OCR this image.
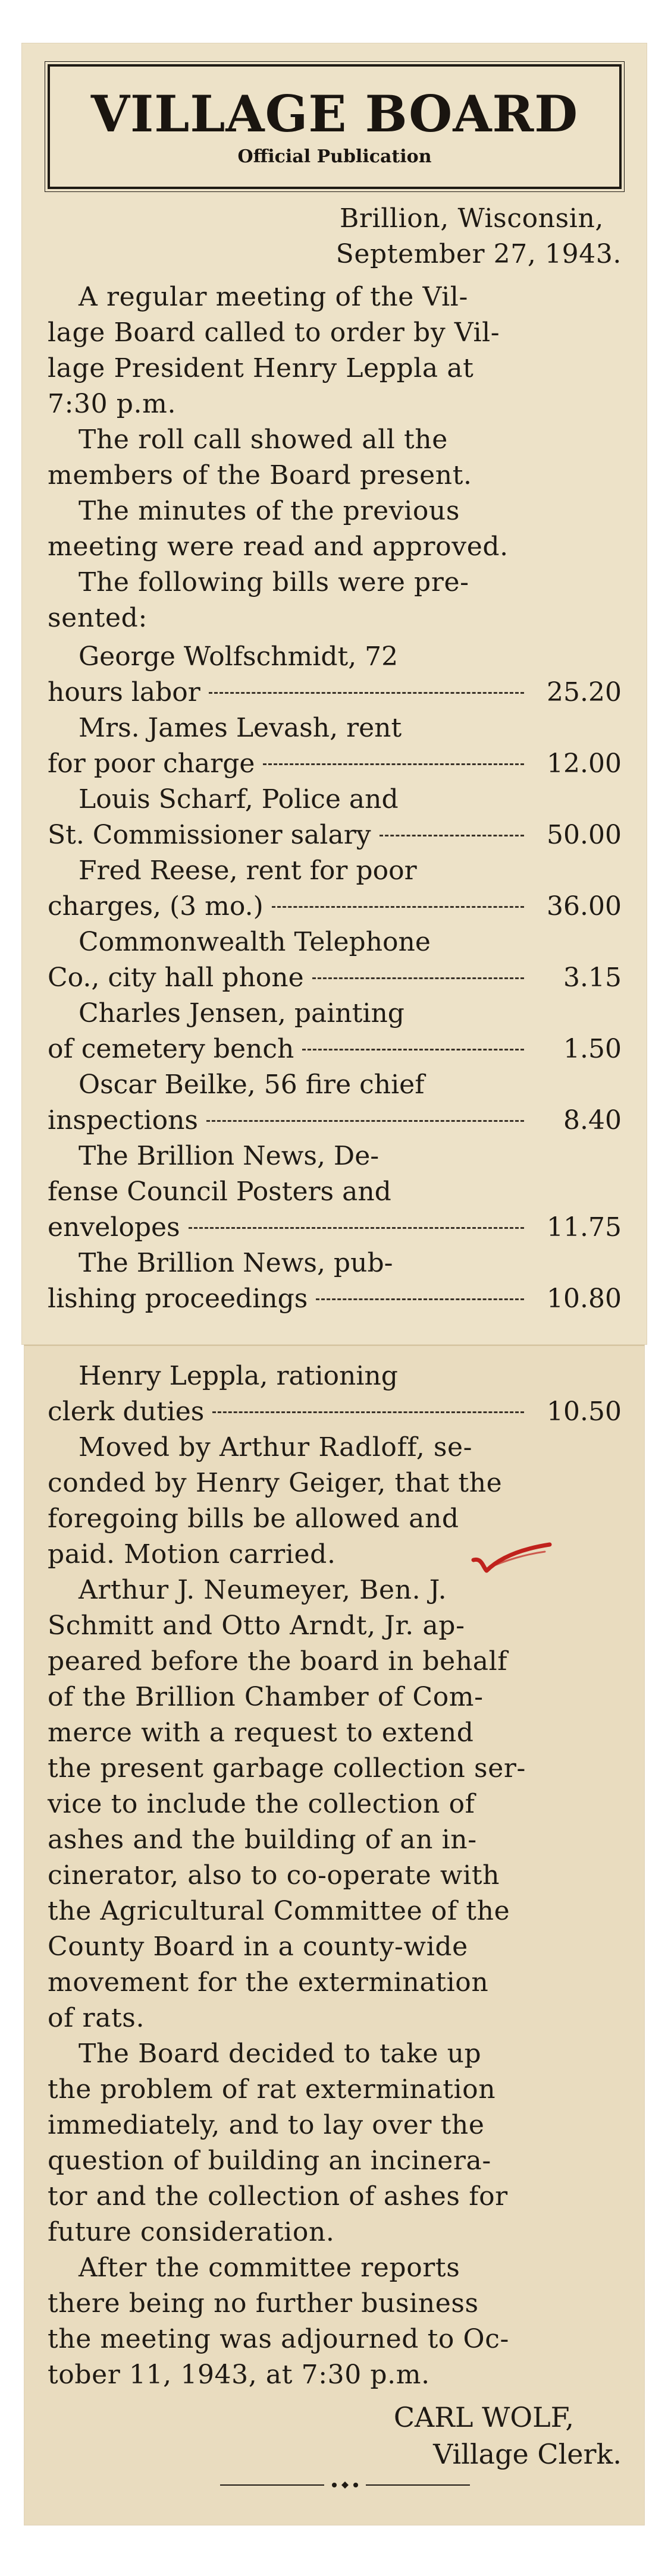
VILLAGE BOARD
Official Publication
Brillion, Wisconsin,
September 27, 1943.
A regular meeting of the Vil-
lage Board called to order by Vil-
lage President Henry Leppla at
7:30 p.m.
The roll call showed all the
members of the Board present.
The minutes of the previous
meeting were read and approved.
The following bills were pre-
sented:
George Wolfschmidt, 72
hours labor	25.20
Mrs. James Levash, rent
for poor charge	12.00
Louis Scharf, Police and
St. Commissioner salary	50.00
Fred Reese, rent for poor
charges, (3 mo.)	36.00
Commonwealth Telephone
Co., city hall phone	3.15
Charles Jensen, painting
of cemetery bench	1.50
Oscar Beilke, 56 fire chief
inspections	8.40
The Brillion News, De-
fense Council Posters and
envelopes	11.75
The Brillion News, pub-
lishing proceedings	10.80
Henry Leppla, rationing
clerk duties	10.50
Moved by Arthur Radloff, se-
conded by Henry Geiger, that the
foregoing bills be allowed and
paid. Motion carried.
Arthur J. Neumeyer, Ben. J.
Schmitt and Otto Arndt, Jr. ap-
peared before the board in behalf
of the Brillion Chamber of Com-
merce with a request to extend
the present garbage collection ser-
vice to include the collection of
ashes and the building of an in-
cinerator, also to co-operate with
the Agricultural Committee of the
County Board in a county-wide
movement for the extermination
of rats.
The Board decided to take up
the problem of rat extermination
immediately, and to lay over the
question of building an incinera-
tor and the collection of ashes for
future consideration.
After the committee reports
there being no further business
the meeting was adjourned to Oc-
tober 11, 1943, at 7:30 p.m.
CARL WOLF,
Village Clerk.
